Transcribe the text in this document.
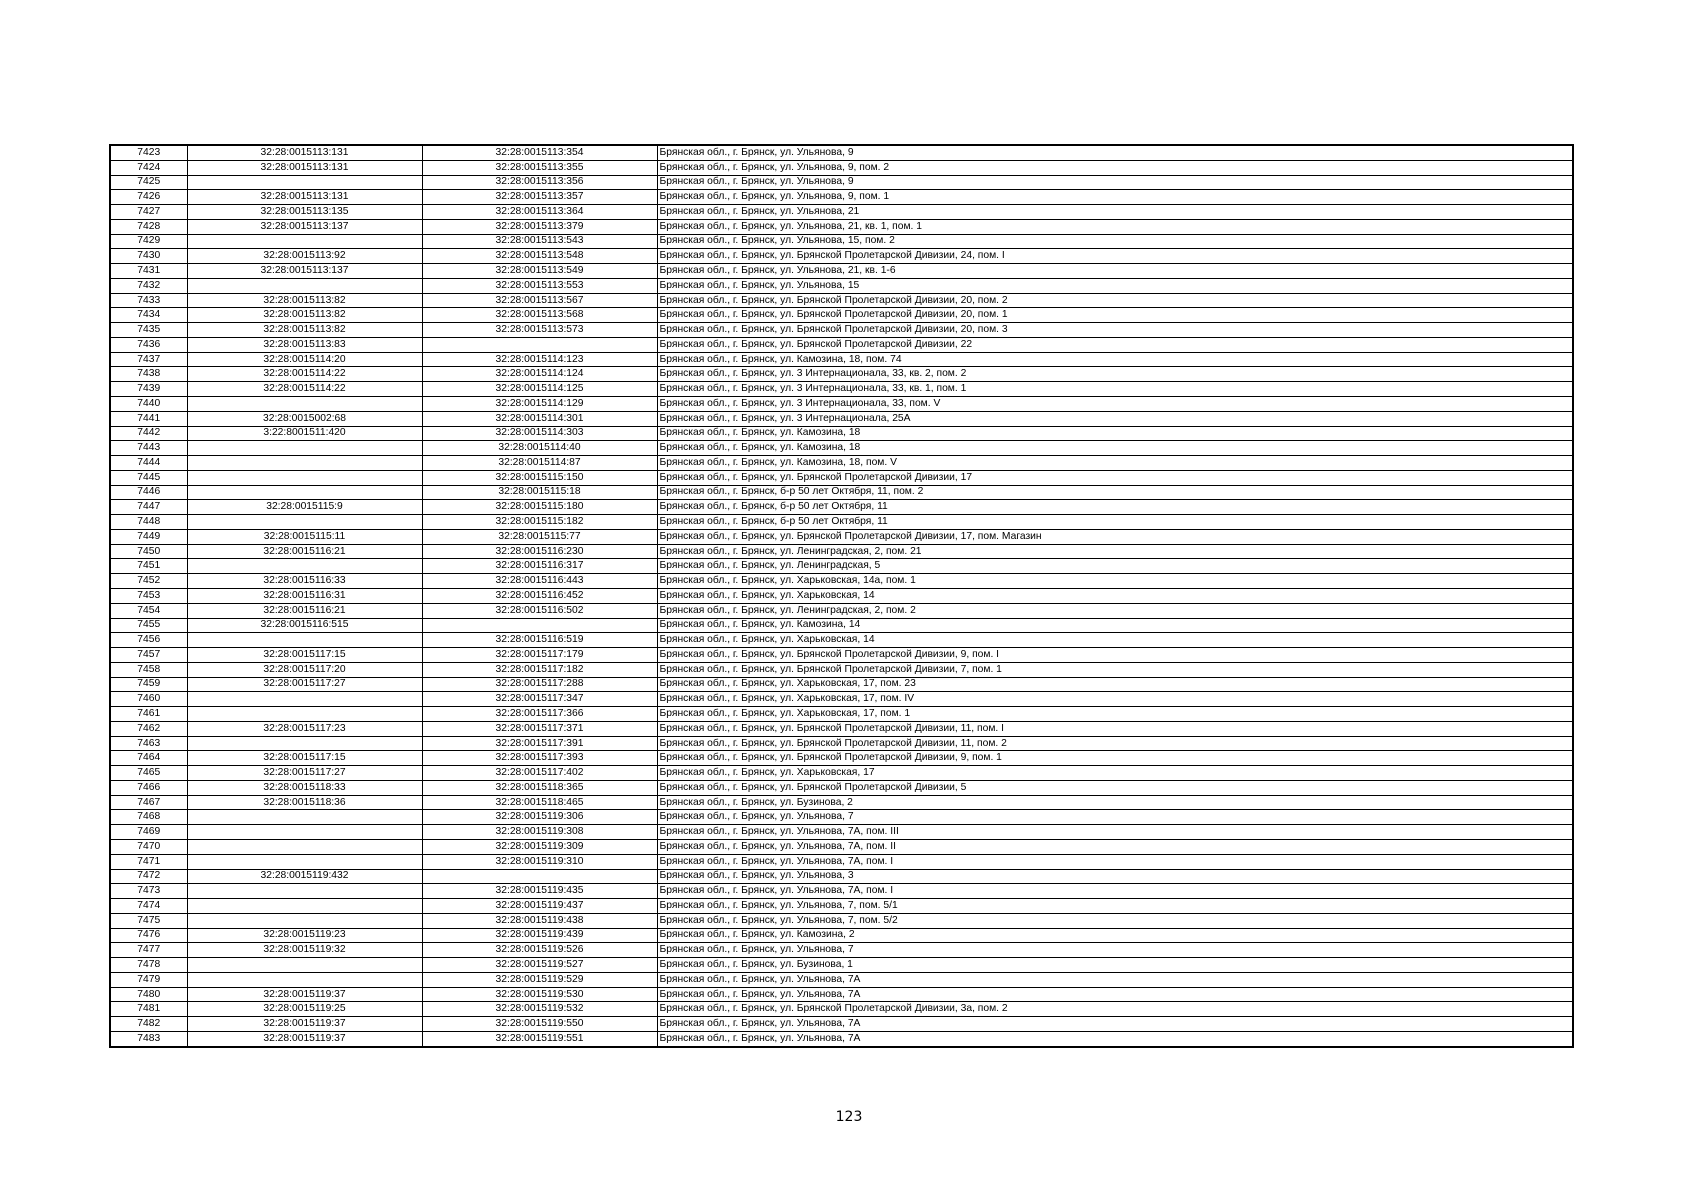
7423	32:28:0015113:131	32:28:0015113:354	Брянская обл., г. Брянск, ул. Ульянова, 9
7424	32:28:0015113:131	32:28:0015113:355	Брянская обл., г. Брянск, ул. Ульянова, 9, пом. 2
7425		32:28:0015113:356	Брянская обл., г. Брянск, ул. Ульянова, 9
7426	32:28:0015113:131	32:28:0015113:357	Брянская обл., г. Брянск, ул. Ульянова, 9, пом. 1
7427	32:28:0015113:135	32:28:0015113:364	Брянская обл., г. Брянск, ул. Ульянова, 21
7428	32:28:0015113:137	32:28:0015113:379	Брянская обл., г. Брянск, ул. Ульянова, 21, кв. 1, пом. 1
7429		32:28:0015113:543	Брянская обл., г. Брянск, ул. Ульянова, 15, пом. 2
7430	32:28:0015113:92	32:28:0015113:548	Брянская обл., г. Брянск, ул. Брянской Пролетарской Дивизии, 24, пом. I
7431	32:28:0015113:137	32:28:0015113:549	Брянская обл., г. Брянск, ул. Ульянова, 21, кв. 1-6
7432		32:28:0015113:553	Брянская обл., г. Брянск, ул. Ульянова, 15
7433	32:28:0015113:82	32:28:0015113:567	Брянская обл., г. Брянск, ул. Брянской Пролетарской Дивизии, 20, пом. 2
7434	32:28:0015113:82	32:28:0015113:568	Брянская обл., г. Брянск, ул. Брянской Пролетарской Дивизии, 20, пом. 1
7435	32:28:0015113:82	32:28:0015113:573	Брянская обл., г. Брянск, ул. Брянской Пролетарской Дивизии, 20, пом. 3
7436	32:28:0015113:83		Брянская обл., г. Брянск, ул. Брянской Пролетарской Дивизии, 22
7437	32:28:0015114:20	32:28:0015114:123	Брянская обл., г. Брянск, ул. Камозина, 18, пом. 74
7438	32:28:0015114:22	32:28:0015114:124	Брянская обл., г. Брянск, ул. 3 Интернационала, 33, кв. 2, пом. 2
7439	32:28:0015114:22	32:28:0015114:125	Брянская обл., г. Брянск, ул. 3 Интернационала, 33, кв. 1, пом. 1
7440		32:28:0015114:129	Брянская обл., г. Брянск, ул. 3 Интернационала, 33, пом. V
7441	32:28:0015002:68	32:28:0015114:301	Брянская обл., г. Брянск, ул. 3 Интернационала, 25А
7442	3:22:8001511:420	32:28:0015114:303	Брянская обл., г. Брянск, ул. Камозина, 18
7443		32:28:0015114:40	Брянская обл., г. Брянск, ул. Камозина, 18
7444		32:28:0015114:87	Брянская обл., г. Брянск, ул. Камозина, 18, пом. V
7445		32:28:0015115:150	Брянская обл., г. Брянск, ул. Брянской Пролетарской Дивизии, 17
7446		32:28:0015115:18	Брянская обл., г. Брянск, б-р 50 лет Октября, 11, пом. 2
7447	32:28:0015115:9	32:28:0015115:180	Брянская обл., г. Брянск, б-р 50 лет Октября, 11
7448		32:28:0015115:182	Брянская обл., г. Брянск, б-р 50 лет Октября, 11
7449	32:28:0015115:11	32:28:0015115:77	Брянская обл., г. Брянск, ул. Брянской Пролетарской Дивизии, 17, пом. Магазин
7450	32:28:0015116:21	32:28:0015116:230	Брянская обл., г. Брянск, ул. Ленинградская, 2, пом. 21
7451		32:28:0015116:317	Брянская обл., г. Брянск, ул. Ленинградская, 5
7452	32:28:0015116:33	32:28:0015116:443	Брянская обл., г. Брянск, ул. Харьковская, 14а, пом. 1
7453	32:28:0015116:31	32:28:0015116:452	Брянская обл., г. Брянск, ул. Харьковская, 14
7454	32:28:0015116:21	32:28:0015116:502	Брянская обл., г. Брянск, ул. Ленинградская, 2, пом. 2
7455	32:28:0015116:515		Брянская обл., г. Брянск, ул. Камозина, 14
7456		32:28:0015116:519	Брянская обл., г. Брянск, ул. Харьковская, 14
7457	32:28:0015117:15	32:28:0015117:179	Брянская обл., г. Брянск, ул. Брянской Пролетарской Дивизии, 9, пом. I
7458	32:28:0015117:20	32:28:0015117:182	Брянская обл., г. Брянск, ул. Брянской Пролетарской Дивизии, 7, пом. 1
7459	32:28:0015117:27	32:28:0015117:288	Брянская обл., г. Брянск, ул. Харьковская, 17, пом. 23
7460		32:28:0015117:347	Брянская обл., г. Брянск, ул. Харьковская, 17, пом. IV
7461		32:28:0015117:366	Брянская обл., г. Брянск, ул. Харьковская, 17, пом. 1
7462	32:28:0015117:23	32:28:0015117:371	Брянская обл., г. Брянск, ул. Брянской Пролетарской Дивизии, 11, пом. I
7463		32:28:0015117:391	Брянская обл., г. Брянск, ул. Брянской Пролетарской Дивизии, 11, пом. 2
7464	32:28:0015117:15	32:28:0015117:393	Брянская обл., г. Брянск, ул. Брянской Пролетарской Дивизии, 9, пом. 1
7465	32:28:0015117:27	32:28:0015117:402	Брянская обл., г. Брянск, ул. Харьковская, 17
7466	32:28:0015118:33	32:28:0015118:365	Брянская обл., г. Брянск, ул. Брянской Пролетарской Дивизии, 5
7467	32:28:0015118:36	32:28:0015118:465	Брянская обл., г. Брянск, ул. Бузинова, 2
7468		32:28:0015119:306	Брянская обл., г. Брянск, ул. Ульянова, 7
7469		32:28:0015119:308	Брянская обл., г. Брянск, ул. Ульянова, 7А, пом. III
7470		32:28:0015119:309	Брянская обл., г. Брянск, ул. Ульянова, 7А, пом. II
7471		32:28:0015119:310	Брянская обл., г. Брянск, ул. Ульянова, 7А, пом. I
7472	32:28:0015119:432		Брянская обл., г. Брянск, ул. Ульянова, 3
7473		32:28:0015119:435	Брянская обл., г. Брянск, ул. Ульянова, 7А, пом. I
7474		32:28:0015119:437	Брянская обл., г. Брянск, ул. Ульянова, 7, пом. 5/1
7475		32:28:0015119:438	Брянская обл., г. Брянск, ул. Ульянова, 7, пом. 5/2
7476	32:28:0015119:23	32:28:0015119:439	Брянская обл., г. Брянск, ул. Камозина, 2
7477	32:28:0015119:32	32:28:0015119:526	Брянская обл., г. Брянск, ул. Ульянова, 7
7478		32:28:0015119:527	Брянская обл., г. Брянск, ул. Бузинова, 1
7479		32:28:0015119:529	Брянская обл., г. Брянск, ул. Ульянова, 7А
7480	32:28:0015119:37	32:28:0015119:530	Брянская обл., г. Брянск, ул. Ульянова, 7А
7481	32:28:0015119:25	32:28:0015119:532	Брянская обл., г. Брянск, ул. Брянской Пролетарской Дивизии, 3а, пом. 2
7482	32:28:0015119:37	32:28:0015119:550	Брянская обл., г. Брянск, ул. Ульянова, 7А
7483	32:28:0015119:37	32:28:0015119:551	Брянская обл., г. Брянск, ул. Ульянова, 7А
123
